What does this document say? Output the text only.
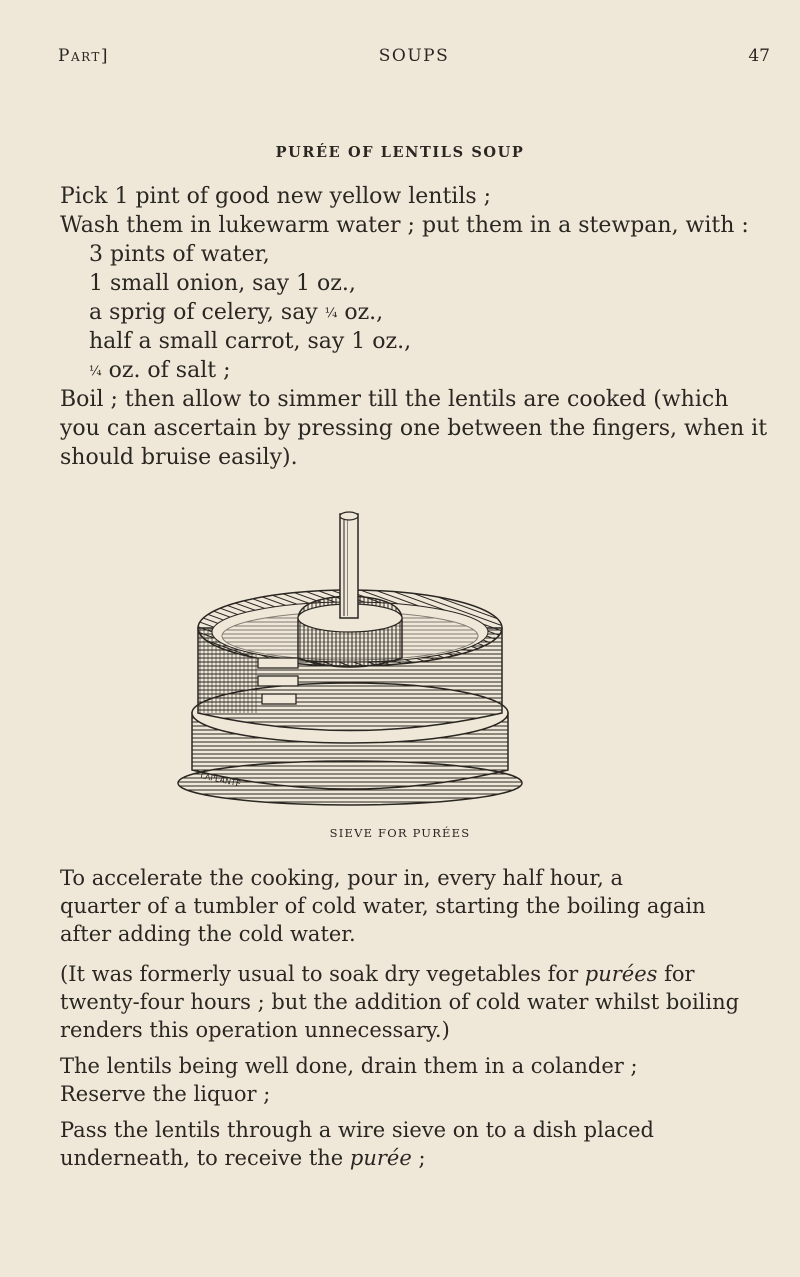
Part]	SOUPS	47
PURÉE OF LENTILS SOUP
Pick 1 pint of good new yellow lentils ;
Wash them in lukewarm water ; put them in a stewpan, with :
3 pints of water,
1 small onion, say 1 oz.,
a sprig of celery, say ¼ oz.,
half a small carrot, say 1 oz.,
¼ oz. of salt ;
Boil ; then allow to simmer till the lentils are cooked (which
you can ascertain by pressing one between the fingers, when it
should bruise easily).
LAPLANTE
SIEVE FOR PURÉES
To accelerate the cooking, pour in, every half hour, a
quarter of a tumbler of cold water, starting the boiling again
after adding the cold water.
(It was formerly usual to soak dry vegetables for purées for
twenty-four hours ; but the addition of cold water whilst boiling
renders this operation unnecessary.)
The lentils being well done, drain them in a colander ;
Reserve the liquor ;
Pass the lentils through a wire sieve on to a dish placed
underneath, to receive the purée ;
